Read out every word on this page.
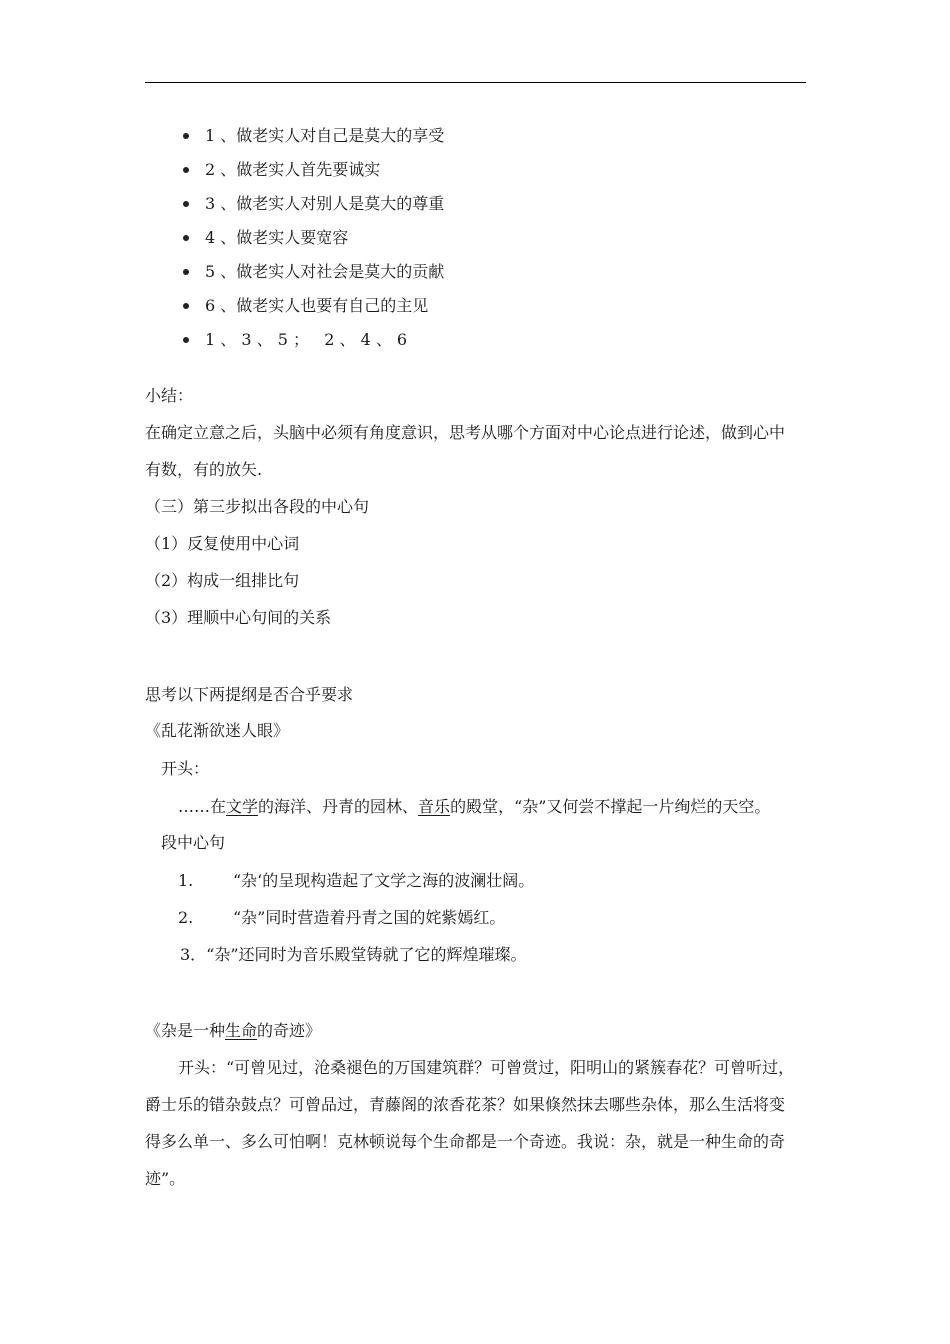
1 、做老实人对自己是莫大的享受
2 、做老实人首先要诚实
3 、做老实人对别人是莫大的尊重
4 、做老实人要宽容
5 、做老实人对社会是莫大的贡献
6 、做老实人也要有自己的主见
1 、 3 、 5 ；   2 、 4 、 6
小结：
在确定立意之后，头脑中必须有角度意识，思考从哪个方面对中心论点进行论述，做到心中
有数，有的放矢.
（三）第三步拟出各段的中心句
（1）反复使用中心词
（2）构成一组排比句
（3）理顺中心句间的关系
思考以下两提纲是否合乎要求
《乱花渐欲迷人眼》
开头：
……在文学的海洋、丹青的园林、音乐的殿堂，“杂”又何尝不撑起一片绚烂的天空。
段中心句
1. “杂‘的呈现构造起了文学之海的波澜壮阔。
2. “杂”同时营造着丹青之国的姹紫嫣红。
3．“杂”还同时为音乐殿堂铸就了它的辉煌璀璨。
《杂是一种生命的奇迹》
开头：“可曾见过，沧桑褪色的万国建筑群？可曾赏过，阳明山的紧簇春花？可曾听过，
爵士乐的错杂鼓点？可曾品过，青藤阁的浓香花茶？如果倏然抹去哪些杂体，那么生活将变
得多么单一、多么可怕啊！克林顿说每个生命都是一个奇迹。我说：杂，就是一种生命的奇
迹”。
